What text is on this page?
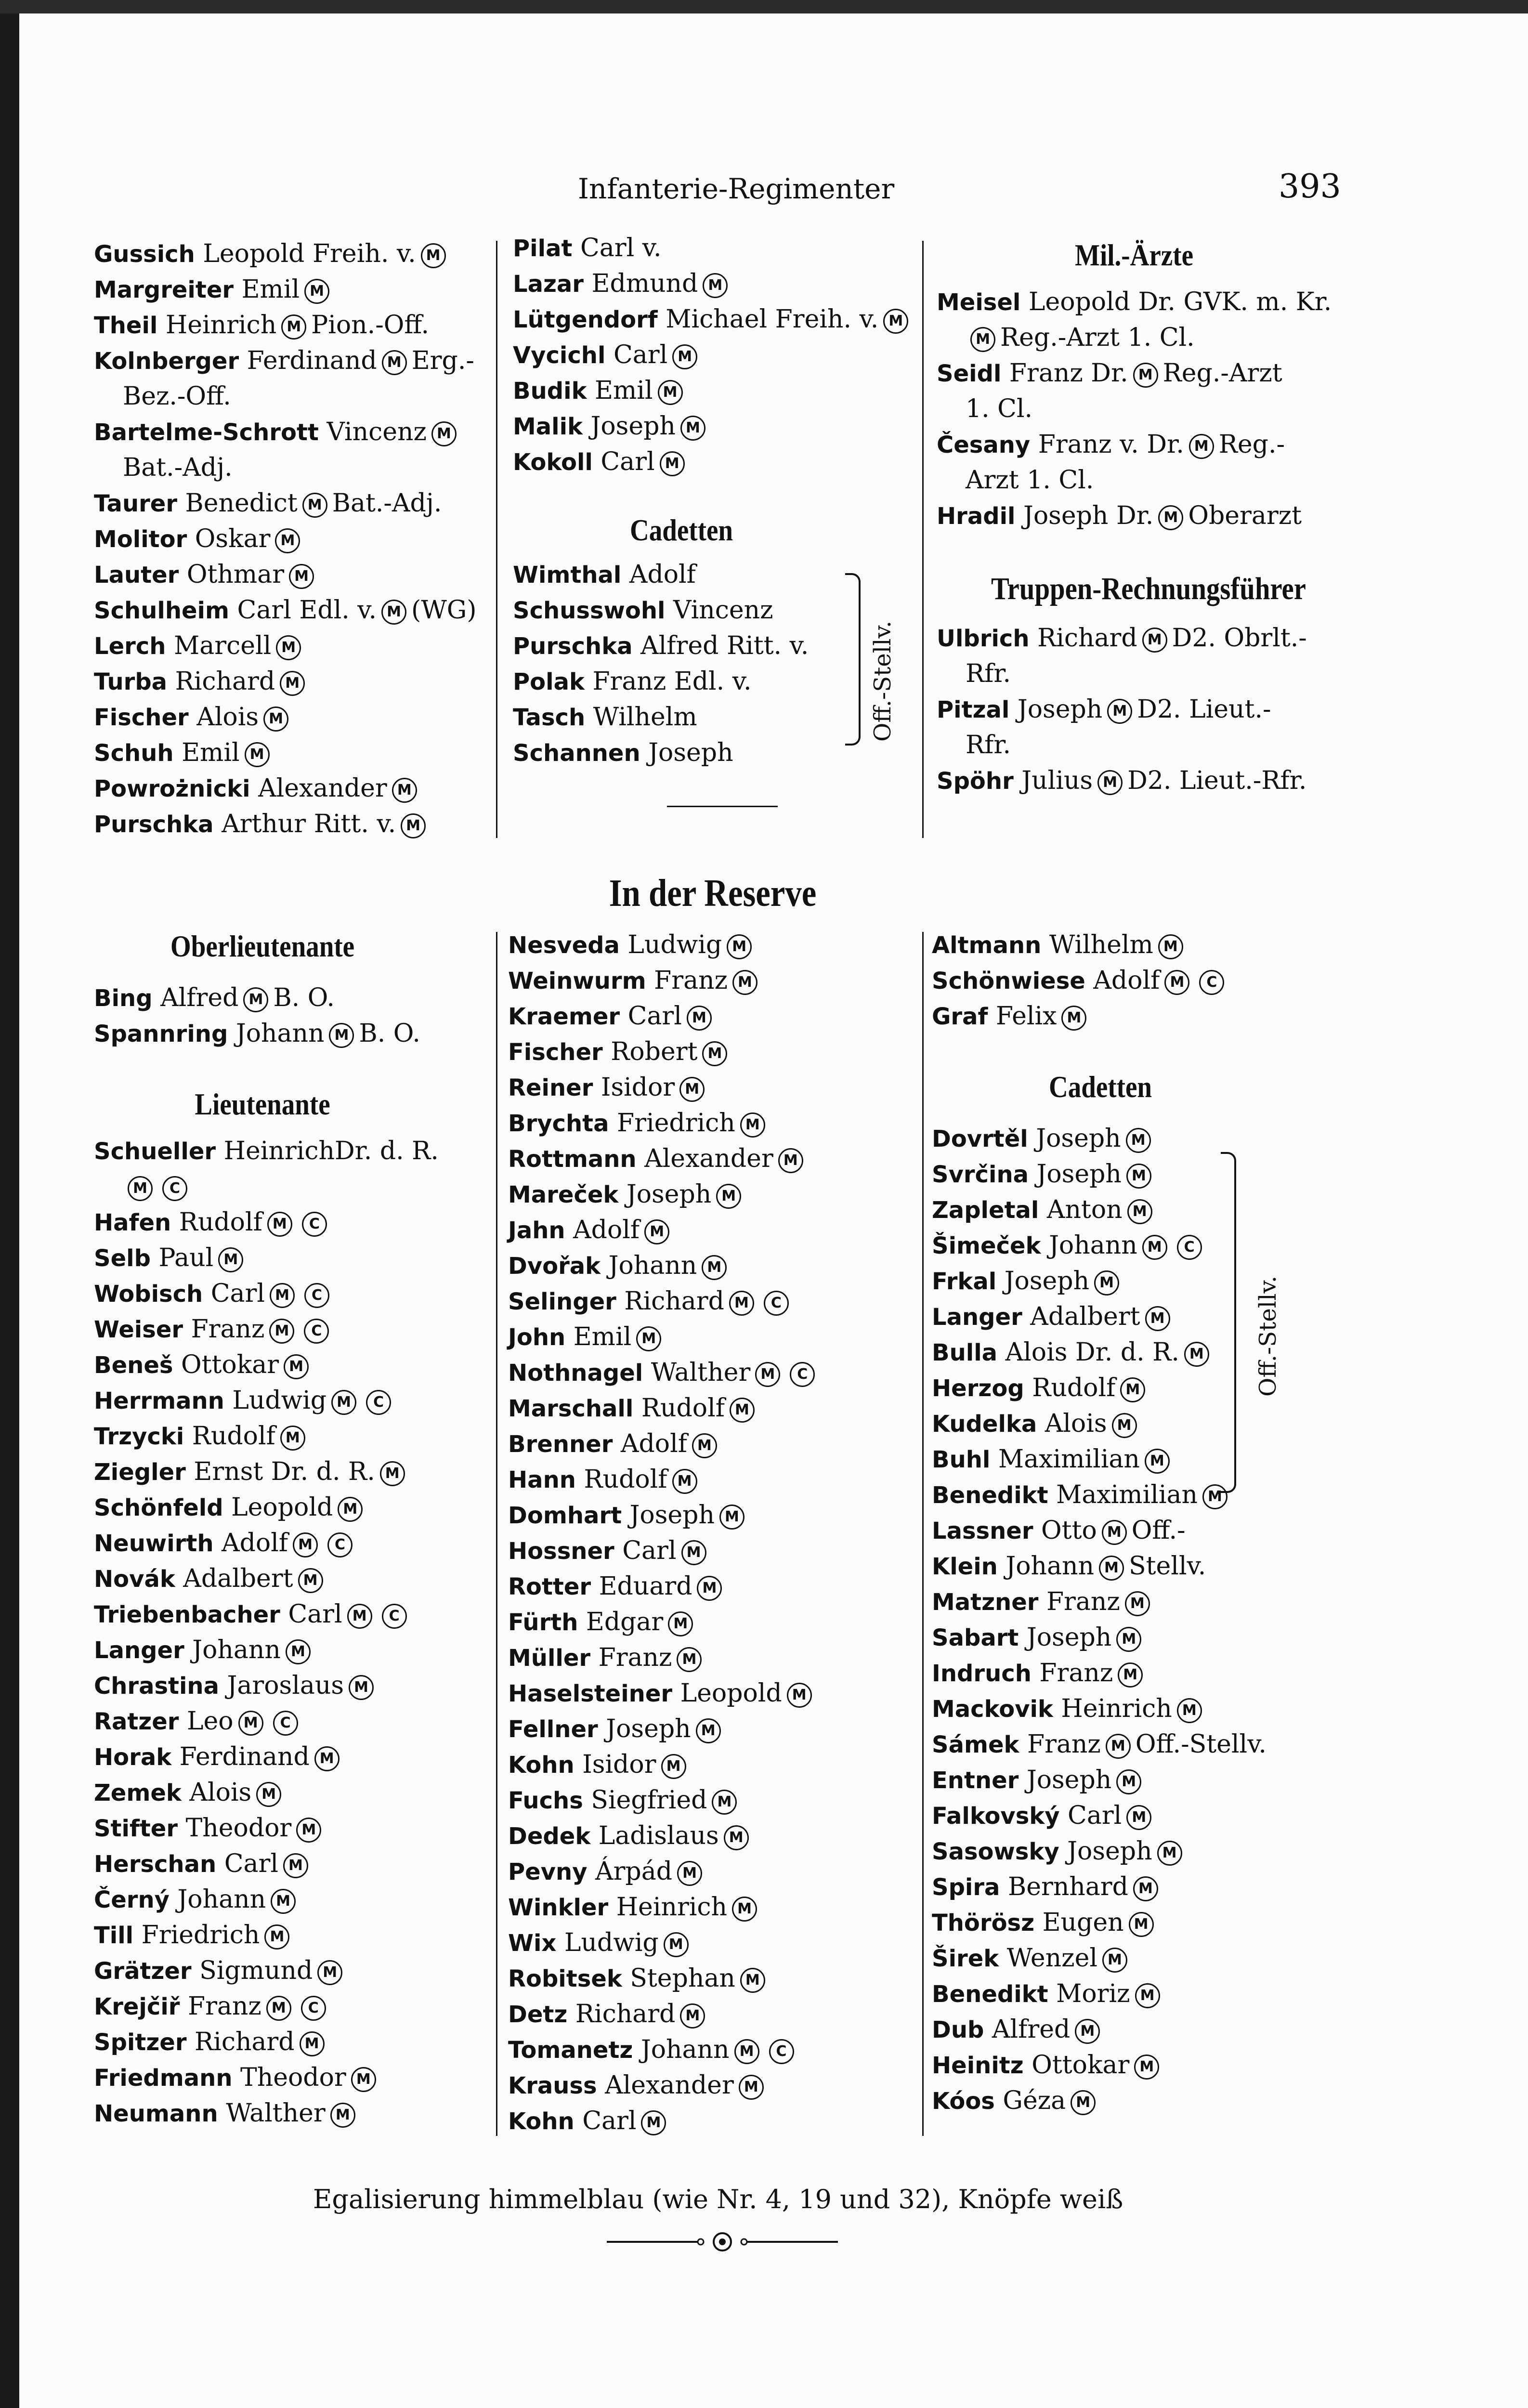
Infanterie-Regimenter	393
Gussich Leopold Freih. v. M
Margreiter Emil M
Theil Heinrich M Pion.-Off.
Kolnberger Ferdinand M Erg.-
Bez.-Off.
Bartelme-Schrott Vincenz M
Bat.-Adj.
Taurer Benedict M Bat.-Adj.
Molitor Oskar M
Lauter Othmar M
Schulheim Carl Edl. v. M (WG)
Lerch Marcell M
Turba Richard M
Fischer Alois M
Schuh Emil M
Powrożnicki Alexander M
Purschka Arthur Ritt. v. M
Pilat Carl v.
Lazar Edmund M
Lütgendorf Michael Freih. v. M
Vycichl Carl M
Budik Emil M
Malik Joseph M
Kokoll Carl M
Cadetten
Wimthal Adolf
Schusswohl Vincenz
Purschka Alfred Ritt. v.
Polak Franz Edl. v.
Tasch Wilhelm
Schannen Joseph
Off.-Stellv.
Mil.-Ärzte
Meisel Leopold Dr. GVK. m. Kr.
M Reg.-Arzt 1. Cl.
Seidl Franz Dr. M Reg.-Arzt
1. Cl.
Česany Franz v. Dr. M Reg.-
Arzt 1. Cl.
Hradil Joseph Dr. M Oberarzt
Truppen-Rechnungsführer
Ulbrich Richard M D2. Obrlt.-
Rfr.
Pitzal Joseph M D2. Lieut.-
Rfr.
Spöhr Julius M D2. Lieut.-Rfr.
In der Reserve
Oberlieutenante
Bing Alfred M B. O.
Spannring Johann M B. O.
Lieutenante
Schueller HeinrichDr. d. R.
M C
Hafen Rudolf M C
Selb Paul M
Wobisch Carl M C
Weiser Franz M C
Beneš Ottokar M
Herrmann Ludwig M C
Trzycki Rudolf M
Ziegler Ernst Dr. d. R. M
Schönfeld Leopold M
Neuwirth Adolf M C
Novák Adalbert M
Triebenbacher Carl M C
Langer Johann M
Chrastina Jaroslaus M
Ratzer Leo M C
Horak Ferdinand M
Zemek Alois M
Stifter Theodor M
Herschan Carl M
Černý Johann M
Till Friedrich M
Grätzer Sigmund M
Krejčiř Franz M C
Spitzer Richard M
Friedmann Theodor M
Neumann Walther M
Nesveda Ludwig M
Weinwurm Franz M
Kraemer Carl M
Fischer Robert M
Reiner Isidor M
Brychta Friedrich M
Rottmann Alexander M
Mareček Joseph M
Jahn Adolf M
Dvořak Johann M
Selinger Richard M C
John Emil M
Nothnagel Walther M C
Marschall Rudolf M
Brenner Adolf M
Hann Rudolf M
Domhart Joseph M
Hossner Carl M
Rotter Eduard M
Fürth Edgar M
Müller Franz M
Haselsteiner Leopold M
Fellner Joseph M
Kohn Isidor M
Fuchs Siegfried M
Dedek Ladislaus M
Pevny Árpád M
Winkler Heinrich M
Wix Ludwig M
Robitsek Stephan M
Detz Richard M
Tomanetz Johann M C
Krauss Alexander M
Kohn Carl M
Altmann Wilhelm M
Schönwiese Adolf M C
Graf Felix M
Cadetten
Dovrtěl Joseph M
Svrčina Joseph M
Zapletal Anton M
Šimeček Johann M C
Frkal Joseph M
Langer Adalbert M
Bulla Alois Dr. d. R. M
Herzog Rudolf M
Kudelka Alois M
Buhl Maximilian M
Benedikt Maximilian M
Lassner Otto M Off.-
Klein Johann M Stellv.
Matzner Franz M
Sabart Joseph M
Indruch Franz M
Mackovik Heinrich M
Sámek Franz M Off.-Stellv.
Entner Joseph M
Falkovský Carl M
Sasowsky Joseph M
Spira Bernhard M
Thörösz Eugen M
Širek Wenzel M
Benedikt Moriz M
Dub Alfred M
Heinitz Ottokar M
Kóos Géza M
Off.-Stellv.
Egalisierung himmelblau (wie Nr. 4, 19 und 32), Knöpfe weiß
